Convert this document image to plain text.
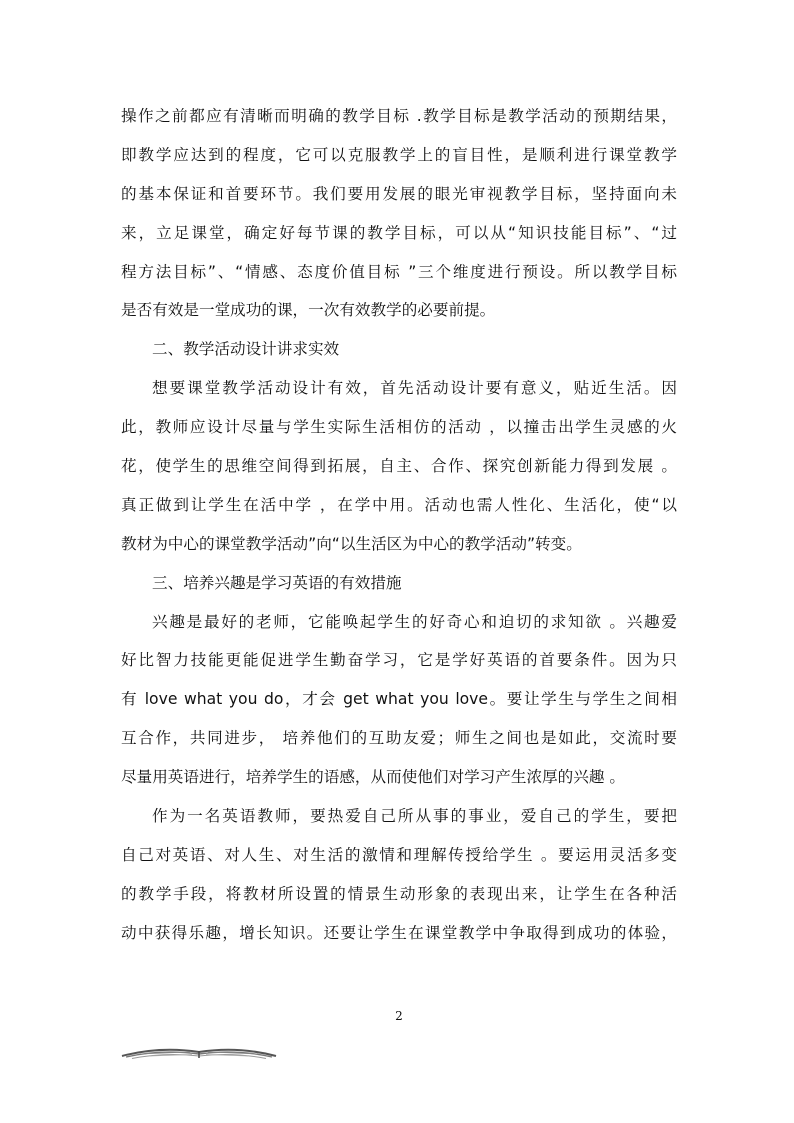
操作之前都应有清晰而明确的教学目标 .教学目标是教学活动的预期结果，
即教学应达到的程度，它可以克服教学上的盲目性，是顺利进行课堂教学
的基本保证和首要环节。我们要用发展的眼光审视教学目标，坚持面向未
来，立足课堂，确定好每节课的教学目标，可以从“知识技能目标”、“过
程方法目标”、“情感、态度价值目标 ”三个维度进行预设。所以教学目标
是否有效是一堂成功的课，一次有效教学的必要前提。
二、教学活动设计讲求实效
想要课堂教学活动设计有效，首先活动设计要有意义，贴近生活。因
此，教师应设计尽量与学生实际生活相仿的活动 ，以撞击出学生灵感的火
花，使学生的思维空间得到拓展，自主、合作、探究创新能力得到发展 。
真正做到让学生在活中学 ，在学中用。活动也需人性化、生活化，使“以
教材为中心的课堂教学活动”向“以生活区为中心的教学活动”转变。
三、培养兴趣是学习英语的有效措施
兴趣是最好的老师，它能唤起学生的好奇心和迫切的求知欲 。兴趣爱
好比智力技能更能促进学生勤奋学习，它是学好英语的首要条件。因为只
有 love what you do，才会 get what you love。要让学生与学生之间相
互合作，共同进步， 培养他们的互助友爱；师生之间也是如此，交流时要
尽量用英语进行，培养学生的语感，从而使他们对学习产生浓厚的兴趣 。
作为一名英语教师，要热爱自己所从事的事业，爱自己的学生，要把
自己对英语、对人生、对生活的激情和理解传授给学生 。要运用灵活多变
的教学手段，将教材所设置的情景生动形象的表现出来，让学生在各种活
动中获得乐趣，增长知识。还要让学生在课堂教学中争取得到成功的体验，
2
